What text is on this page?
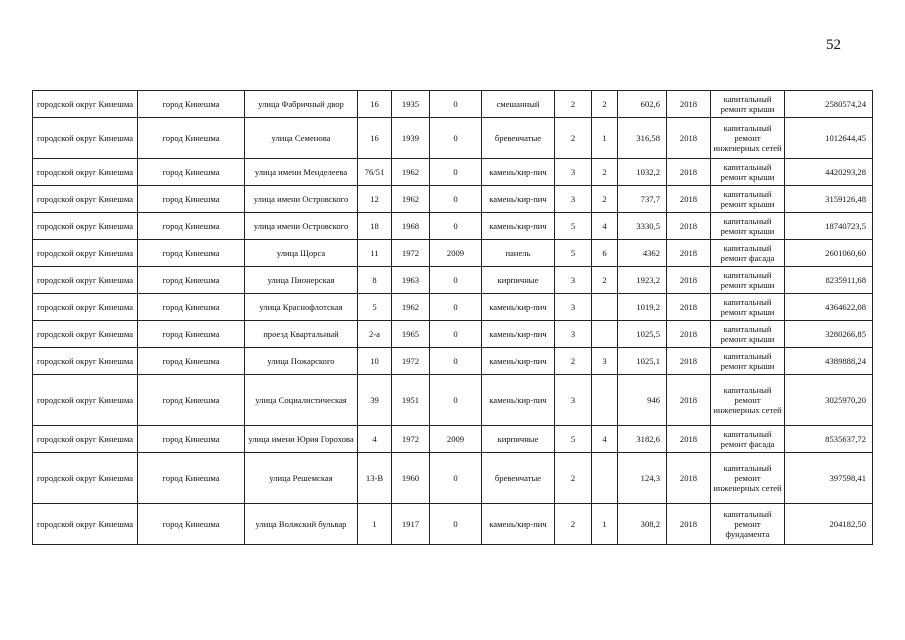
52
городской округ Кинешма	город Кинешма	улица Фабричный двор	16	1935	0	смешанный	2	2	602,6	2018	капитальный ремонт крыши	2580574,24
городской округ Кинешма	город Кинешма	улица Семенова	16	1939	0	бревенчатые	2	1	316,58	2018	капитальный ремонт инженерных сетей	1012644,45
городской округ Кинешма	город Кинешма	улица имени Менделеева	76/51	1962	0	камень/кир-пич	3	2	1032,2	2018	капитальный ремонт крыши	4420293,28
городской округ Кинешма	город Кинешма	улица имени Островского	12	1962	0	камень/кир-пич	3	2	737,7	2018	капитальный ремонт крыши	3159126,48
городской округ Кинешма	город Кинешма	улица имени Островского	18	1968	0	камень/кир-пич	5	4	3330,5	2018	капитальный ремонт крыши	18740723,5
городской округ Кинешма	город Кинешма	улица Щорса	11	1972	2009	панель	5	6	4362	2018	капитальный ремонт фасада	2601060,60
городской округ Кинешма	город Кинешма	улица Пионерская	8	1963	0	кирпичные	3	2	1923,2	2018	капитальный ремонт крыши	8235911,68
городской округ Кинешма	город Кинешма	улица Краснофлотская	5	1962	0	камень/кир-пич	3		1019,2	2018	капитальный ремонт крыши	4364622,08
городской округ Кинешма	город Кинешма	проезд Квартальный	2-а	1965	0	камень/кир-пич	3		1025,5	2018	капитальный ремонт крыши	3280266,85
городской округ Кинешма	город Кинешма	улица Пожарского	10	1972	0	камень/кир-пич	2	3	1025,1	2018	капитальный ремонт крыши	4389888,24
городской округ Кинешма	город Кинешма	улица Социалистическая	39	1951	0	камень/кир-пич	3		946	2018	капитальный ремонт инженерных сетей	3025970,20
городской округ Кинешма	город Кинешма	улица имени Юрия Горохова	4	1972	2009	кирпичные	5	4	3182,6	2018	капитальный ремонт фасада	8535637,72
городской округ Кинешма	город Кинешма	улица Решемская	13-В	1960	0	бревенчатые	2		124,3	2018	капитальный ремонт инженерных сетей	397598,41
городской округ Кинешма	город Кинешма	улица Волжский бульвар	1	1917	0	камень/кир-пич	2	1	308,2	2018	капитальный ремонт фундамента	204182,50
